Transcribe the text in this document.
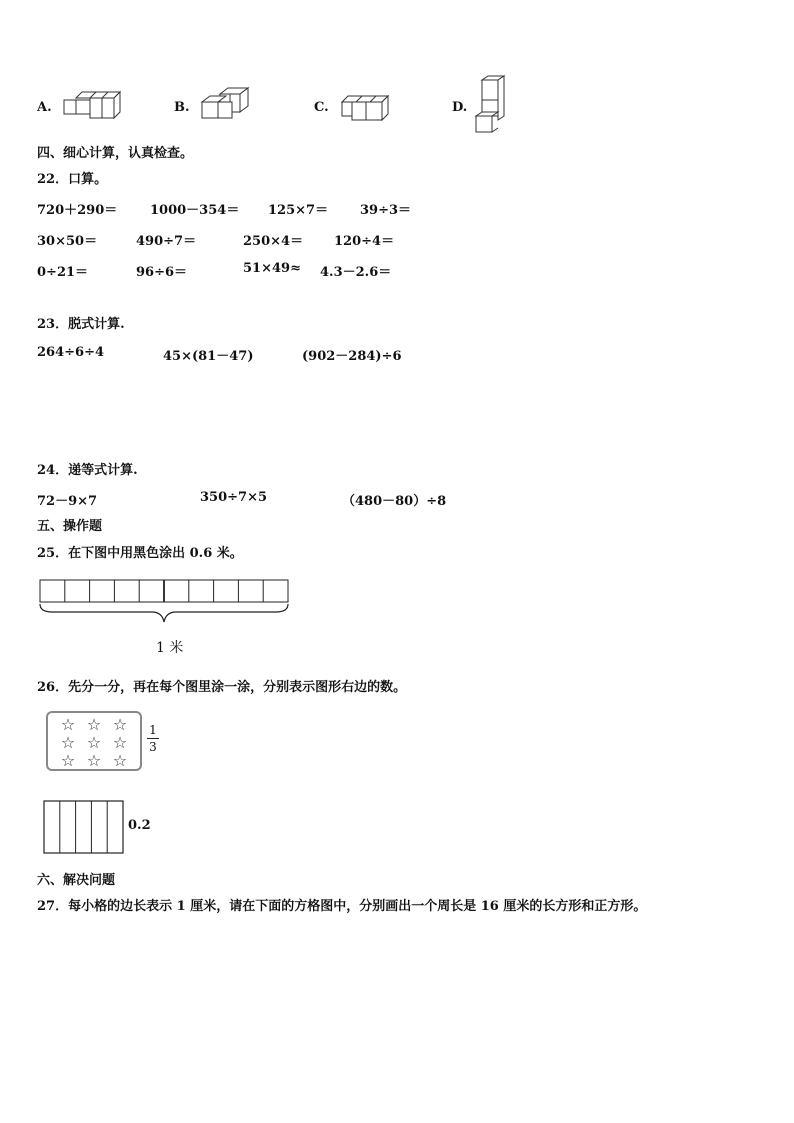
A.	B.	C.	D.
四、细心计算，认真检查。
22．口算。
720＋290＝	1000－354＝ 125×7＝ 39÷3＝
30×50＝	490÷7＝	250×4＝ 120÷4＝
0÷21＝	96÷6＝	51×49≈ 4.3－2.6＝
23．脱式计算.
264÷6÷4	45×(81－47)	(902－284)÷6
24．递等式计算.
72－9×7	350÷7×5	（480－80）÷8
五、操作题
25．在下图中用黑色涂出 0.6 米。
1 米
26．先分一分，再在每个图里涂一涂，分别表示图形右边的数。
☆ ☆ ☆
☆ ☆ ☆
☆ ☆ ☆
1
3
0.2
六、解决问题
27．每小格的边长表示 1 厘米，请在下面的方格图中，分别画出一个周长是 16 厘米的长方形和正方形。
